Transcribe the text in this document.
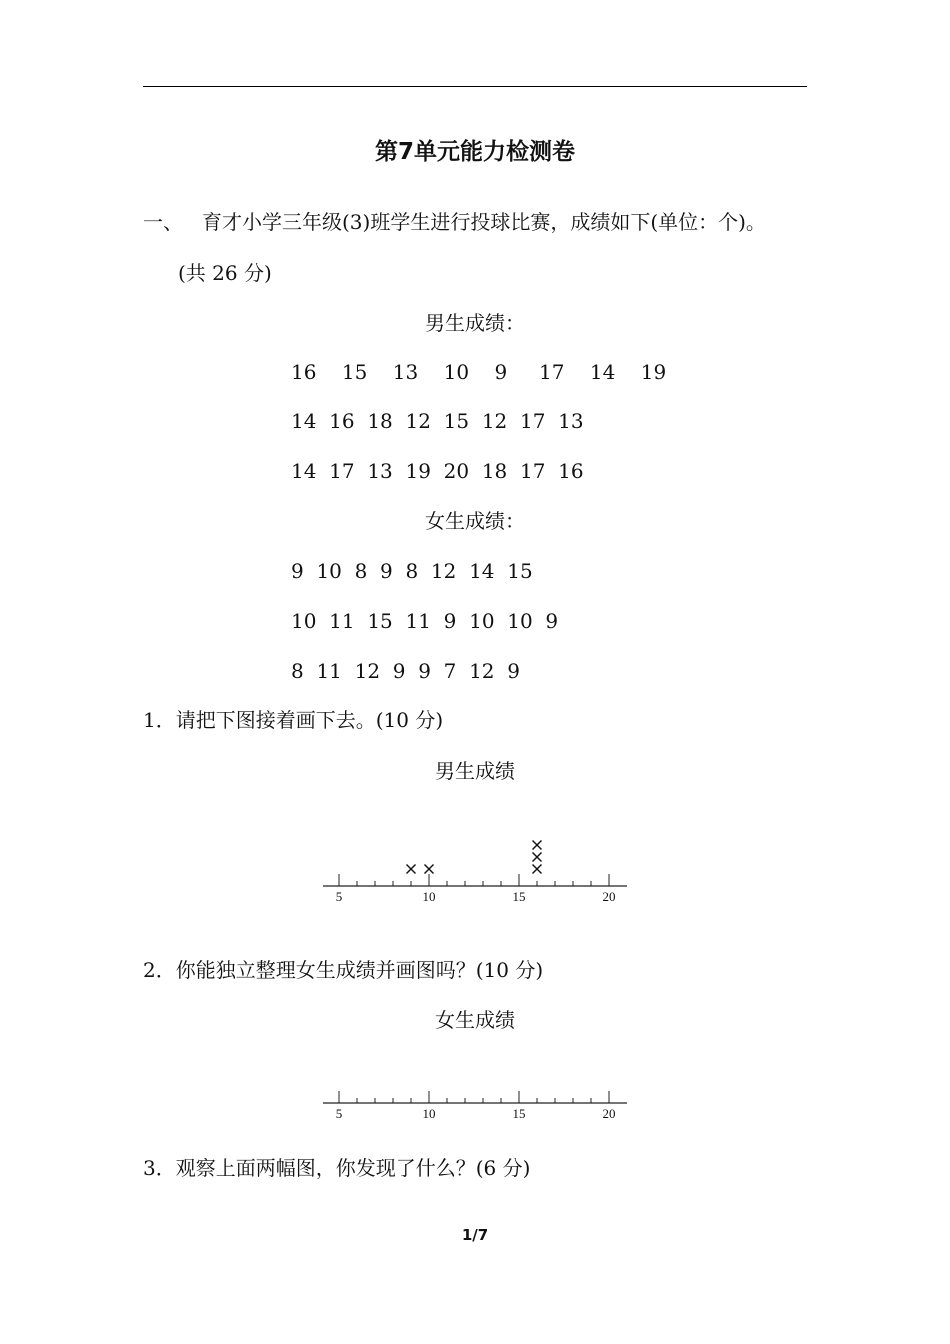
第7单元能力检测卷
一、 育才小学三年级(3)班学生进行投球比赛，成绩如下(单位：个)。
(共 26 分)
男生成绩：
16    15    13    10    9     17    14    19
14  16  18  12  15  12  17  13
14  17  13  19  20  18  17  16
女生成绩：
9  10  8  9  8  12  14  15
10  11  15  11  9  10  10  9
8  11  12  9  9  7  12  9
1．请把下图接着画下去。(10 分)
男生成绩
5	10	15	20
2．你能独立整理女生成绩并画图吗？(10 分)
女生成绩
5	10	15	20
3．观察上面两幅图，你发现了什么？(6 分)
1/7
